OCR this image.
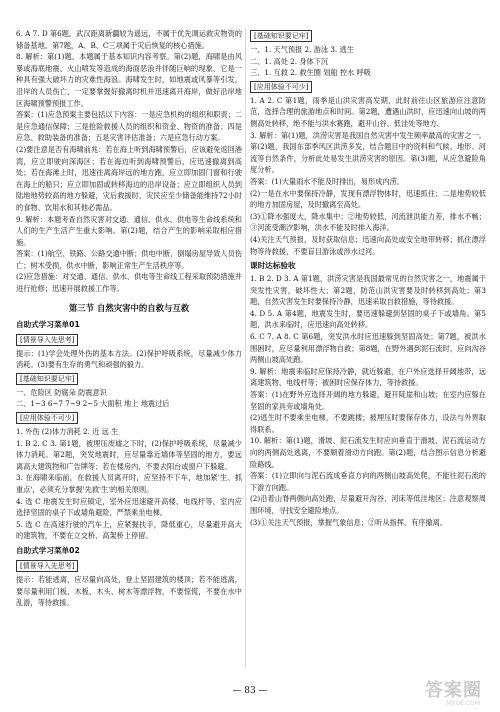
6. A 7. D 第6题，武汉距离新疆较为遥远，不属于优先调运救灾物资的储备基地。第7题，A、B、C三项属于灾后恢复的核心措施。

8. 解析：第(1)题，本题属于基本知识内容考察。第(2)题，海啸是由风暴或海底地震、火山喷发等造成的海面恶浪并伴随巨响的现象，它是一种具有强大破坏力的灾难性海浪。海啸发生时，如地震或风暴等引发，沿岸的人员伤亡，一定要掌握好撤离时机并迅速离开海岸，做好沿岸地区海啸预警预报工作。

答案：(1)应急预案主要包括以下内容：一是应急机构的组织和职责；二是应急通信保障；三是抢险救援人员的组织和资金、物资的准备；四是应急、救助装备的准备；五是灾害评估准备；六是应急行动方案。

(2)要注意是否有海啸前兆：若在海上听到海啸预警后，应该避免返回港湾，应立即驶向深海区；若在海边听到海啸预警后，应迅速撤离到高处；若在海滩上时，迅速往离海岸远的地方跑，应立即加固门窗和行驶在海上的船只；应立即加固或转移海边的沿岸设备；应立即组织人员到陆地地势较高的地方躲避，灾后救援时，灾民应至少储备能维持72小时的食物、饮用水和其他必需品。

9. 解析：本题考查自然灾害对交通、通信、供水、供电等生命线系统和人们的生产生活产生重大影响。第(2)题，结合产生的影响采取相应措施。

答案：(1)航空、铁路、公路交通中断；供电中断，倒塌房屋导致人员伤亡；树木受损，供水中断，影响正常生产生活秩序等。

(2)应急措施：对交通、通信、供水、供电等生命线工程采取预防措施并进行抢修；迅速开展救援工作等。

第三节 自然灾害中的自救与互救
自助式学习菜单01
[情景导入先思考]

提示：(1)学会处理外伤的基本方法。(2)保护呼吸系统，尽量减少体力消耗。(3)要有生存的勇气和顽强的毅力。

[基础知识要记牢]

一、危险区 防腐朵 防震意识

二、1~3 6~7 7~9 2~5 大面积 地上 地震过后

[应用体验不可少]

1. 外伤 (2)体力消耗 2. 近 远 生

1. B 2. C 3. 第1题，被埋压废墟之下时，(2)保护呼吸系统，尽量减少体力消耗。第2题，突发地震时，应尽量靠近墙体等坚固的地方，要远离高大建筑物和广告牌等；若在楼房内，不要去阳台或窗户下躲避。

3. 在海啸来临前，在救援人员离开时，应坚持不下车，地加紧'生、抓重点'，必须充分掌握'先救'生'的相关原则。

4. 选 C 地震发生时应镇定，室外应迅速避开高楼、电线杆等，室内应选择坚固的桌子下或墙角避险，严禁乘坐电梯。

5. 选 C 在高速行驶的汽车上，应紧握扶手，降低重心，尽量避开高大的建筑物，不要在立交桥、高架桥上停留。

自助式学习菜单02
[情景导入先思考]

提示：若能逃离，应尽量向高处，登上坚固建筑的楼顶；若不能逃离，要尽量利用门板、木板、木头、树木等漂浮物，不要惊慌，不要在水中乱游，等待救援。

[基础知识要记牢]

一、1. 天气预报 2. 游泳 3. 逃生

二、1. 高处 2. 身体下沉

三、1. 互救 2. 救生圈 划船 控水 呼吸

[应用体验不可少]

1. A 2. C 第1题，雨季是山洪灾害高发期，此时前往山区旅游应注意防范，选择合理的旅游地点和时间。第2题，遭遇山洪时，应迅速向山坡的两侧高处转移，绝不能与洪水赛跑，避开山谷、低洼处等地方。

3. 解析：第(1)题，洪涝灾害是我国自然灾害中发生频率最高的灾害之一。第(2)题，我国东部季风区洪涝多发，结合题目中的资料和气候、地形、河流等自然条件，分析此处易发生洪涝灾害的原因。第(3)题，从应急避险角度分析。

答案：(1)大量雨水不能及时排出，易形成内涝。

(2)一是在水中要保持冷静，发现有漂浮物体时，迅速抓住；二是地势较低的地方加固房屋，及时撤离至高处。

(3)①降水强度大，降水集中；②地势较低，河流泄洪能力差，排水不畅；③河流受潮汐影响，洪水不能及时排入海洋。

(4)关注天气预报，及时获取信息；迅速向高处或安全地带转移；抓住漂浮物等待救援，不要盲目游泳或涉水过河。

课时达标验收

1. B 2. D 3. A 第1题，洪涝灾害是我国最常见的自然灾害之一，地震属于突发性灾害，破坏性大；第2题，防范山洪灾害要及时转移到高处；第3题，自然灾害发生时要保持冷静，迅速采取自救措施，等待救援。

4. D 5. A 第4题，地震发生时，要迅速躲避到坚固的桌子下或墙角。第5题，洪水来临时，应迅速向高处转移。

6. C 7. A 8. C 第6题，突发洪水时应迅速躲到坚固高处；第7题，被洪水围困时，应尽量利用漂浮物自救；第8题，在野外遇到泥石流时，应向沟谷两侧山坡高处跑。

9. 解析：地震来临时应保持冷静，就近躲避，在户外应选择开阔地带，远离建筑物、电线杆等；被困时应保存体力，等待救援。

答案：(1)在野外应选择开阔的地方躲避，避开陡崖和山坡；在室内应躲在坚固的家具旁或墙角处。

(2)逃生时不要乘坐电梯，不要跳楼；被埋压时要保存体力，设法与外界取得联系。

10. 解析：第(1)题，滑坡、泥石流发生时应向垂直于滑坡、泥石流运动方向的两侧高处逃离，不要顺着滑动方向跑。第(2)题，结合图示信息分析避险路线。

答案：(1)立即向与泥石流成垂直方向的两侧山坡高处爬，不能往泥石流的下游方向跑。

(2)沿着山脊两侧向高处跑，尽量避开沟谷、河床等低洼地区；注意观察周围环境，寻找安全避险地点。

(3)①关注天气预报，掌握气象信息；②听从指挥，有序撤离。

— 83 —	答案圈
MXQE.COM
